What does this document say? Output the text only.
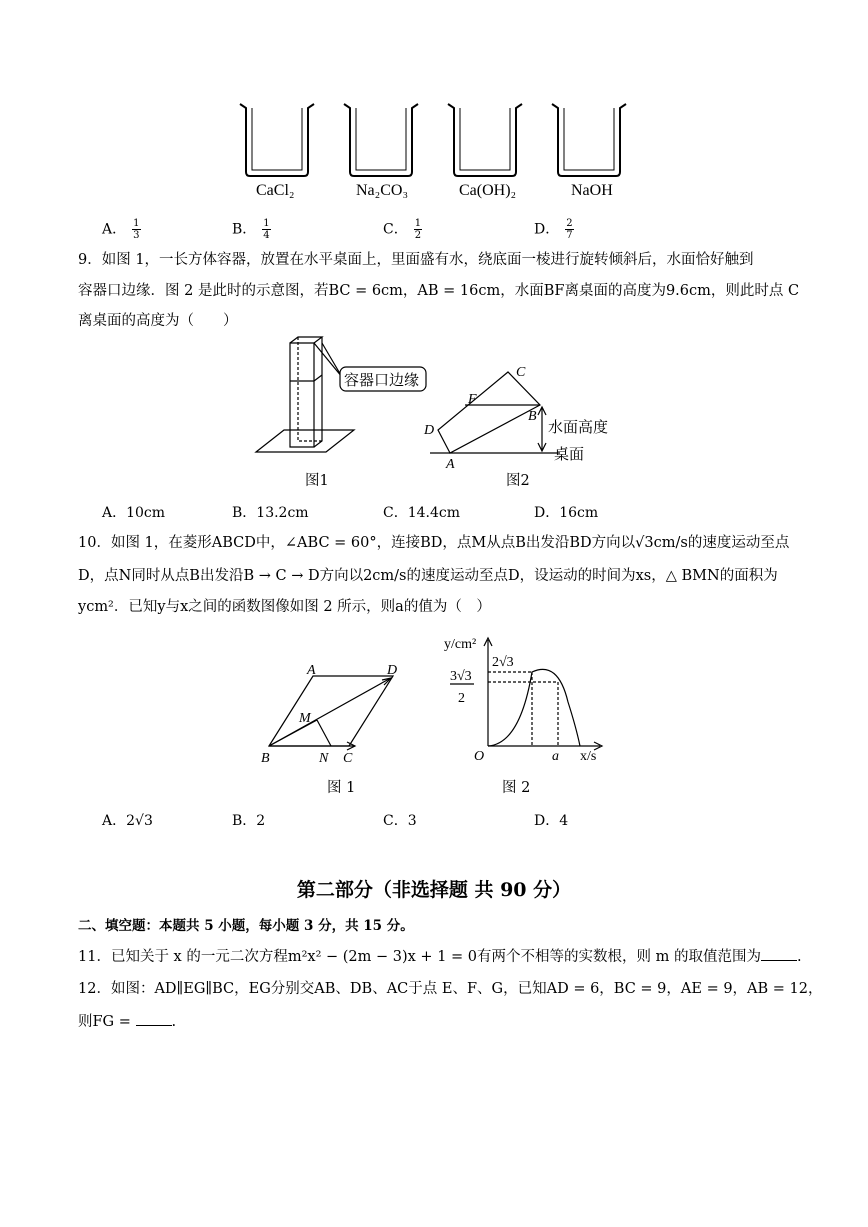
CaCl₂	Na₂CO₃	Ca(OH)₂	NaOH
A． $\frac{1}{3}$	B． $\frac{1}{4}$	C． $\frac{1}{2}$	D． $\frac{2}{7}$
9．如图 1，一长方体容器，放置在水平桌面上，里面盛有水，绕底面一棱进行旋转倾斜后，水面恰好触到
容器口边缘．图 2 是此时的示意图，若BC = 6cm，AB = 16cm，水面BF离桌面的高度为9.6cm，则此时点 C
离桌面的高度为（　　）
容器口边缘
图1
C
F
B
D
A
水面高度
桌面
图2
A．10cm	B．13.2cm	C．14.4cm	D．16cm
10．如图 1，在菱形ABCD中，∠ABC = 60°，连接BD，点M从点B出发沿BD方向以√3cm/s的速度运动至点
D，点N同时从点B出发沿B → C → D方向以2cm/s的速度运动至点D，设运动的时间为xs，△ BMN的面积为
ycm²．已知y与x之间的函数图像如图 2 所示，则a的值为（　）
A	D
M
B	N C
图 1
y/cm²
2√3
3√3
2
O	a x/s
图 2
A．2√3	B．2	C．3	D．4
第二部分（非选择题 共 90 分）
二、填空题：本题共 5 小题，每小题 3 分，共 15 分。
11．已知关于 x 的一元二次方程m²x² − (2m − 3)x + 1 = 0有两个不相等的实数根，则 m 的取值范围为 .
12．如图：AD∥EG∥BC，EG分别交AB、DB、AC于点 E、F、G，已知AD = 6，BC = 9，AE = 9，AB = 12，
则FG =	.
